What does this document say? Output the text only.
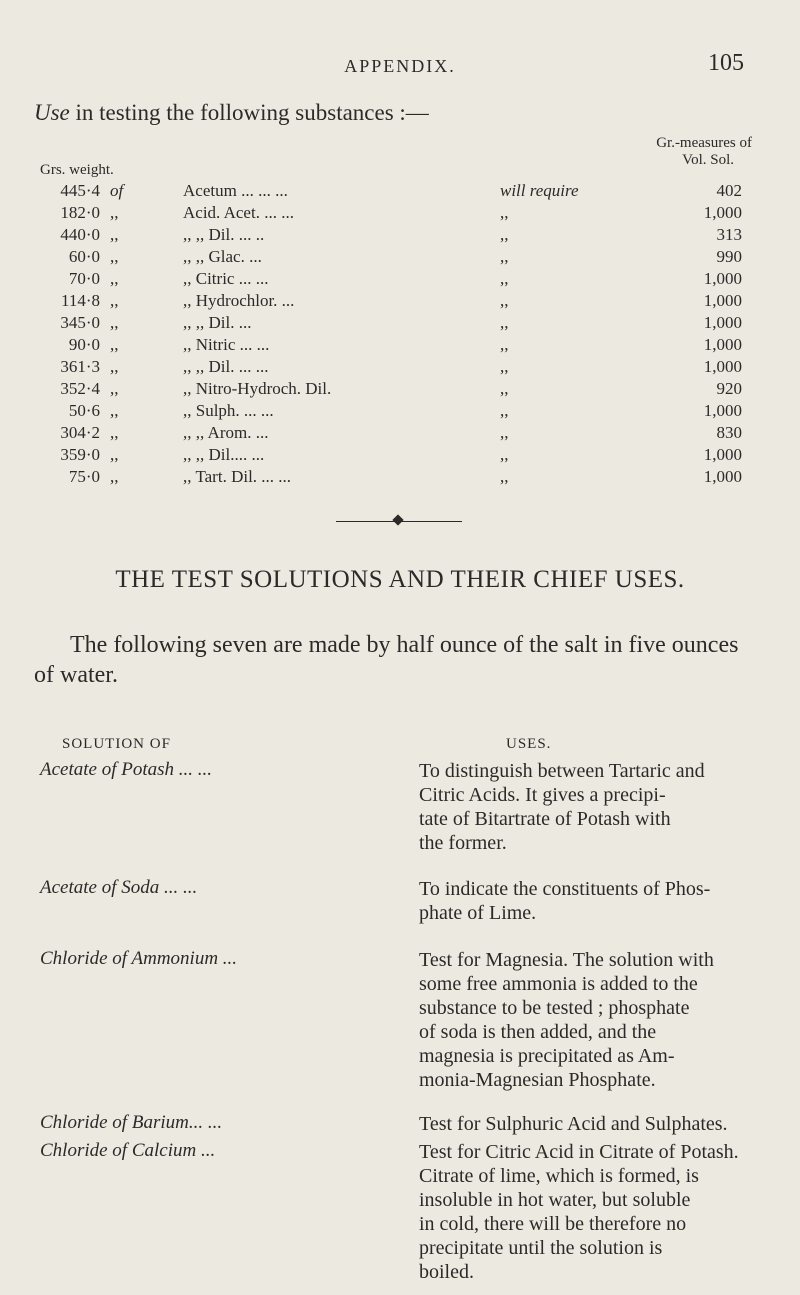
APPENDIX.	105
Use in testing the following substances :—
Gr.-measures of
Vol. Sol.
Grs. weight.
445·4 of	Acetum ... ... ...	will require	402
182·0 ,,	Acid. Acet. ... ...	,,	1,000
440·0 ,,	,, ,, Dil. ... ..	,,	313
60·0 ,,	,, ,, Glac. ...	,,	990
70·0 ,,	,, Citric ... ...	,,	1,000
114·8 ,,	,, Hydrochlor. ...	,,	1,000
345·0 ,,	,, ,, Dil. ...	,,	1,000
90·0 ,,	,, Nitric ... ...	,,	1,000
361·3 ,,	,, ,, Dil. ... ...	,,	1,000
352·4 ,,	,, Nitro-Hydroch. Dil.	,,	920
50·6 ,,	,, Sulph. ... ...	,,	1,000
304·2 ,,	,, ,, Arom. ...	,,	830
359·0 ,,	,, ,, Dil.... ...	,,	1,000
75·0 ,,	,, Tart. Dil. ... ...	,,	1,000
THE TEST SOLUTIONS AND THEIR CHIEF USES.
The following seven are made by half ounce of the salt in five ounces of water.
SOLUTION OF	USES.
Acetate of Potash ... ...	To distinguish between Tartaric and
Citric Acids. It gives a precipi-
tate of Bitartrate of Potash with
the former.
Acetate of Soda ... ...	To indicate the constituents of Phos-
phate of Lime.
Chloride of Ammonium ...	Test for Magnesia. The solution with
some free ammonia is added to the
substance to be tested ; phosphate
of soda is then added, and the
magnesia is precipitated as Am-
monia-Magnesian Phosphate.
Chloride of Barium... ...	Test for Sulphuric Acid and Sulphates.
Chloride of Calcium ...	Test for Citric Acid in Citrate of Potash.
Citrate of lime, which is formed, is
insoluble in hot water, but soluble
in cold, there will be therefore no
precipitate until the solution is
boiled.
